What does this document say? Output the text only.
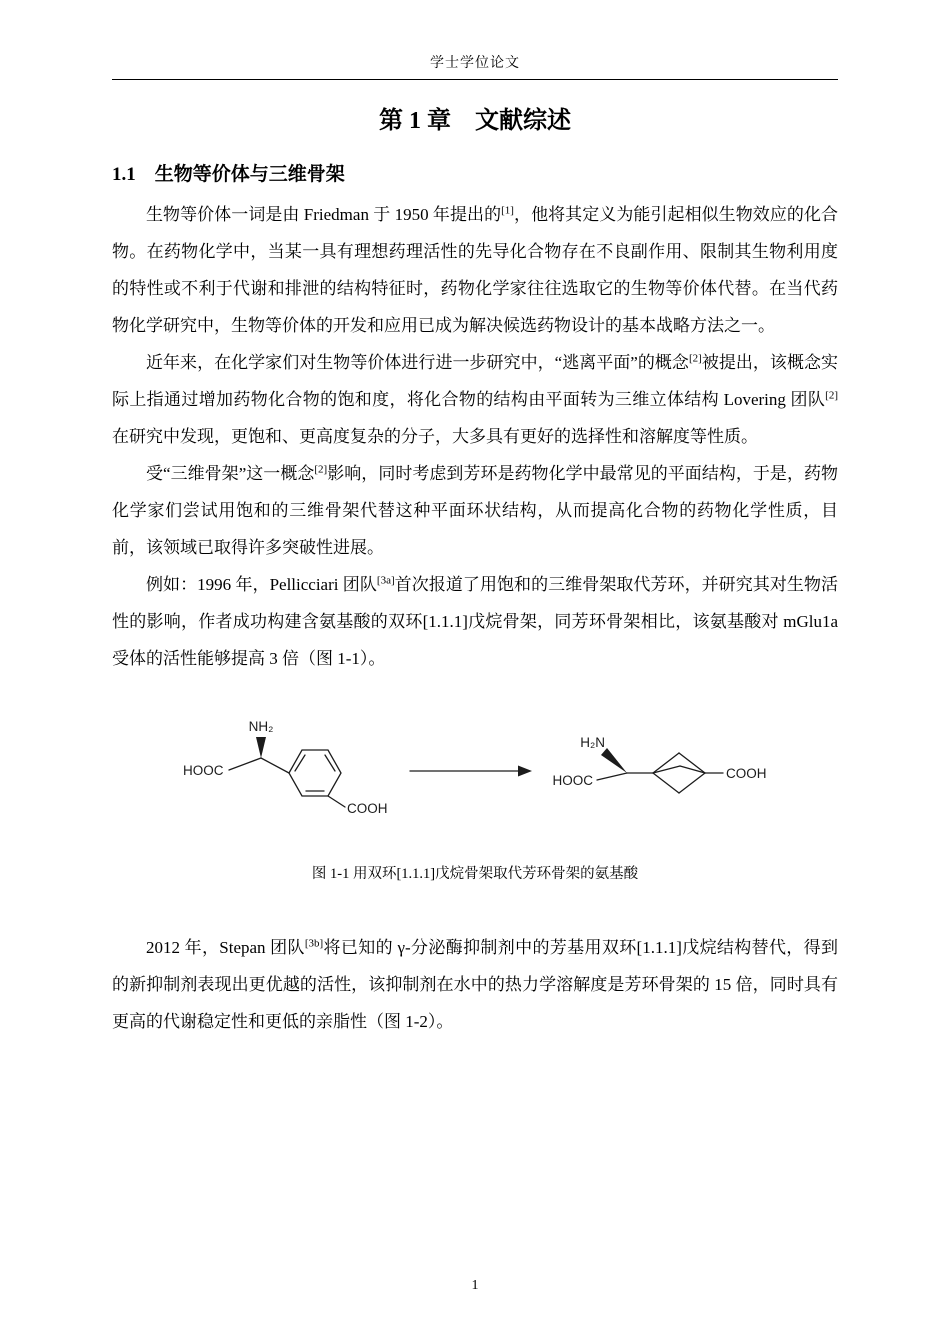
学士学位论文
第 1 章　文献综述
1.1　生物等价体与三维骨架

生物等价体一词是由 Friedman 于 1950 年提出的[1]，他将其定义为能引起相似生物效应的化合物。在药物化学中，当某一具有理想药理活性的先导化合物存在不良副作用、限制其生物利用度的特性或不利于代谢和排泄的结构特征时，药物化学家往往选取它的生物等价体代替。在当代药物化学研究中，生物等价体的开发和应用已成为解决候选药物设计的基本战略方法之一。

近年来，在化学家们对生物等价体进行进一步研究中，“逃离平面”的概念[2]被提出，该概念实际上指通过增加药物化合物的饱和度，将化合物的结构由平面转为三维立体结构 Lovering 团队[2]在研究中发现，更饱和、更高度复杂的分子，大多具有更好的选择性和溶解度等性质。

受“三维骨架”这一概念[2]影响，同时考虑到芳环是药物化学中最常见的平面结构，于是，药物化学家们尝试用饱和的三维骨架代替这种平面环状结构，从而提高化合物的药物化学性质，目前，该领域已取得许多突破性进展。

例如：1996 年，Pellicciari 团队[3a]首次报道了用饱和的三维骨架取代芳环，并研究其对生物活性的影响，作者成功构建含氨基酸的双环[1.1.1]戊烷骨架，同芳环骨架相比，该氨基酸对 mGlu1a 受体的活性能够提高 3 倍（图 1-1）。

HOOC
NH₂
COOH
H₂N
HOOC	COOH
图 1-1 用双环[1.1.1]戊烷骨架取代芳环骨架的氨基酸

2012 年，Stepan 团队[3b]将已知的 γ-分泌酶抑制剂中的芳基用双环[1.1.1]戊烷结构替代，得到的新抑制剂表现出更优越的活性，该抑制剂在水中的热力学溶解度是芳环骨架的 15 倍，同时具有更高的代谢稳定性和更低的亲脂性（图 1-2）。

1
